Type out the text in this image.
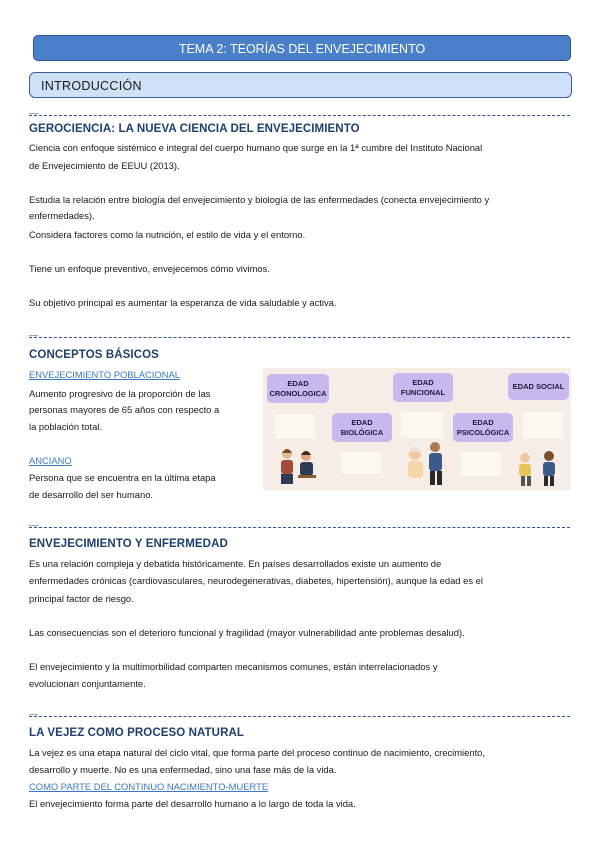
TEMA 2: TEORÍAS DEL ENVEJECIMIENTO
INTRODUCCIÓN
—
GEROCIENCIA: LA NUEVA CIENCIA DEL ENVEJECIMIENTO
Ciencia con enfoque sistémico e integral del cuerpo humano que surge en la 1ª cumbre del Instituto Nacional
de Envejecimiento de EEUU (2013).
Estudia la relación entre biología del envejecimiento y biología de las enfermedades (conecta envejecimiento y
enfermedades).
Considera factores como la nutrición, el estilo de vida y el entorno.
Tiene un enfoque preventivo, envejecemos cómo vivimos.
Su objetivo principal es aumentar la esperanza de vida saludable y activa.
—
CONCEPTOS BÁSICOS
ENVEJECIMIENTO POBLACIONAL
Aumento progresivo de la proporción de las
personas mayores de 65 años con respecto a
la población total.
ANCIANO
Persona que se encuentra en la última etapa
de desarrollo del ser humano.
EDAD
CRONOLOGICA
EDAD
FUNCIONAL
EDAD SOCIAL
EDAD
BIOLÓGICA
EDAD
PSICOLÓGICA
—
ENVEJECIMIENTO Y ENFERMEDAD
Es una relación compleja y debatida históricamente. En países desarrollados existe un aumento de
enfermedades crónicas (cardiovasculares, neurodegenerativas, diabetes, hipertensión), aunque la edad es el
principal factor de riesgo.
Las consecuencias son el deterioro funcional y fragilidad (mayor vulnerabilidad ante problemas desalud).
El envejecimiento y la multimorbilidad comparten mecanismos comunes, están interrelacionados y
evolucionan conjuntamente.
—
LA VEJEZ COMO PROCESO NATURAL
La vejez es una etapa natural del ciclo vital, que forma parte del proceso continuo de nacimiento, crecimiento,
desarrollo y muerte. No es una enfermedad, sino una fase más de la vida.
COMO PARTE DEL CONTINUO NACIMIENTO-MUERTE
El envejecimiento forma parte del desarrollo humano a lo largo de toda la vida.
